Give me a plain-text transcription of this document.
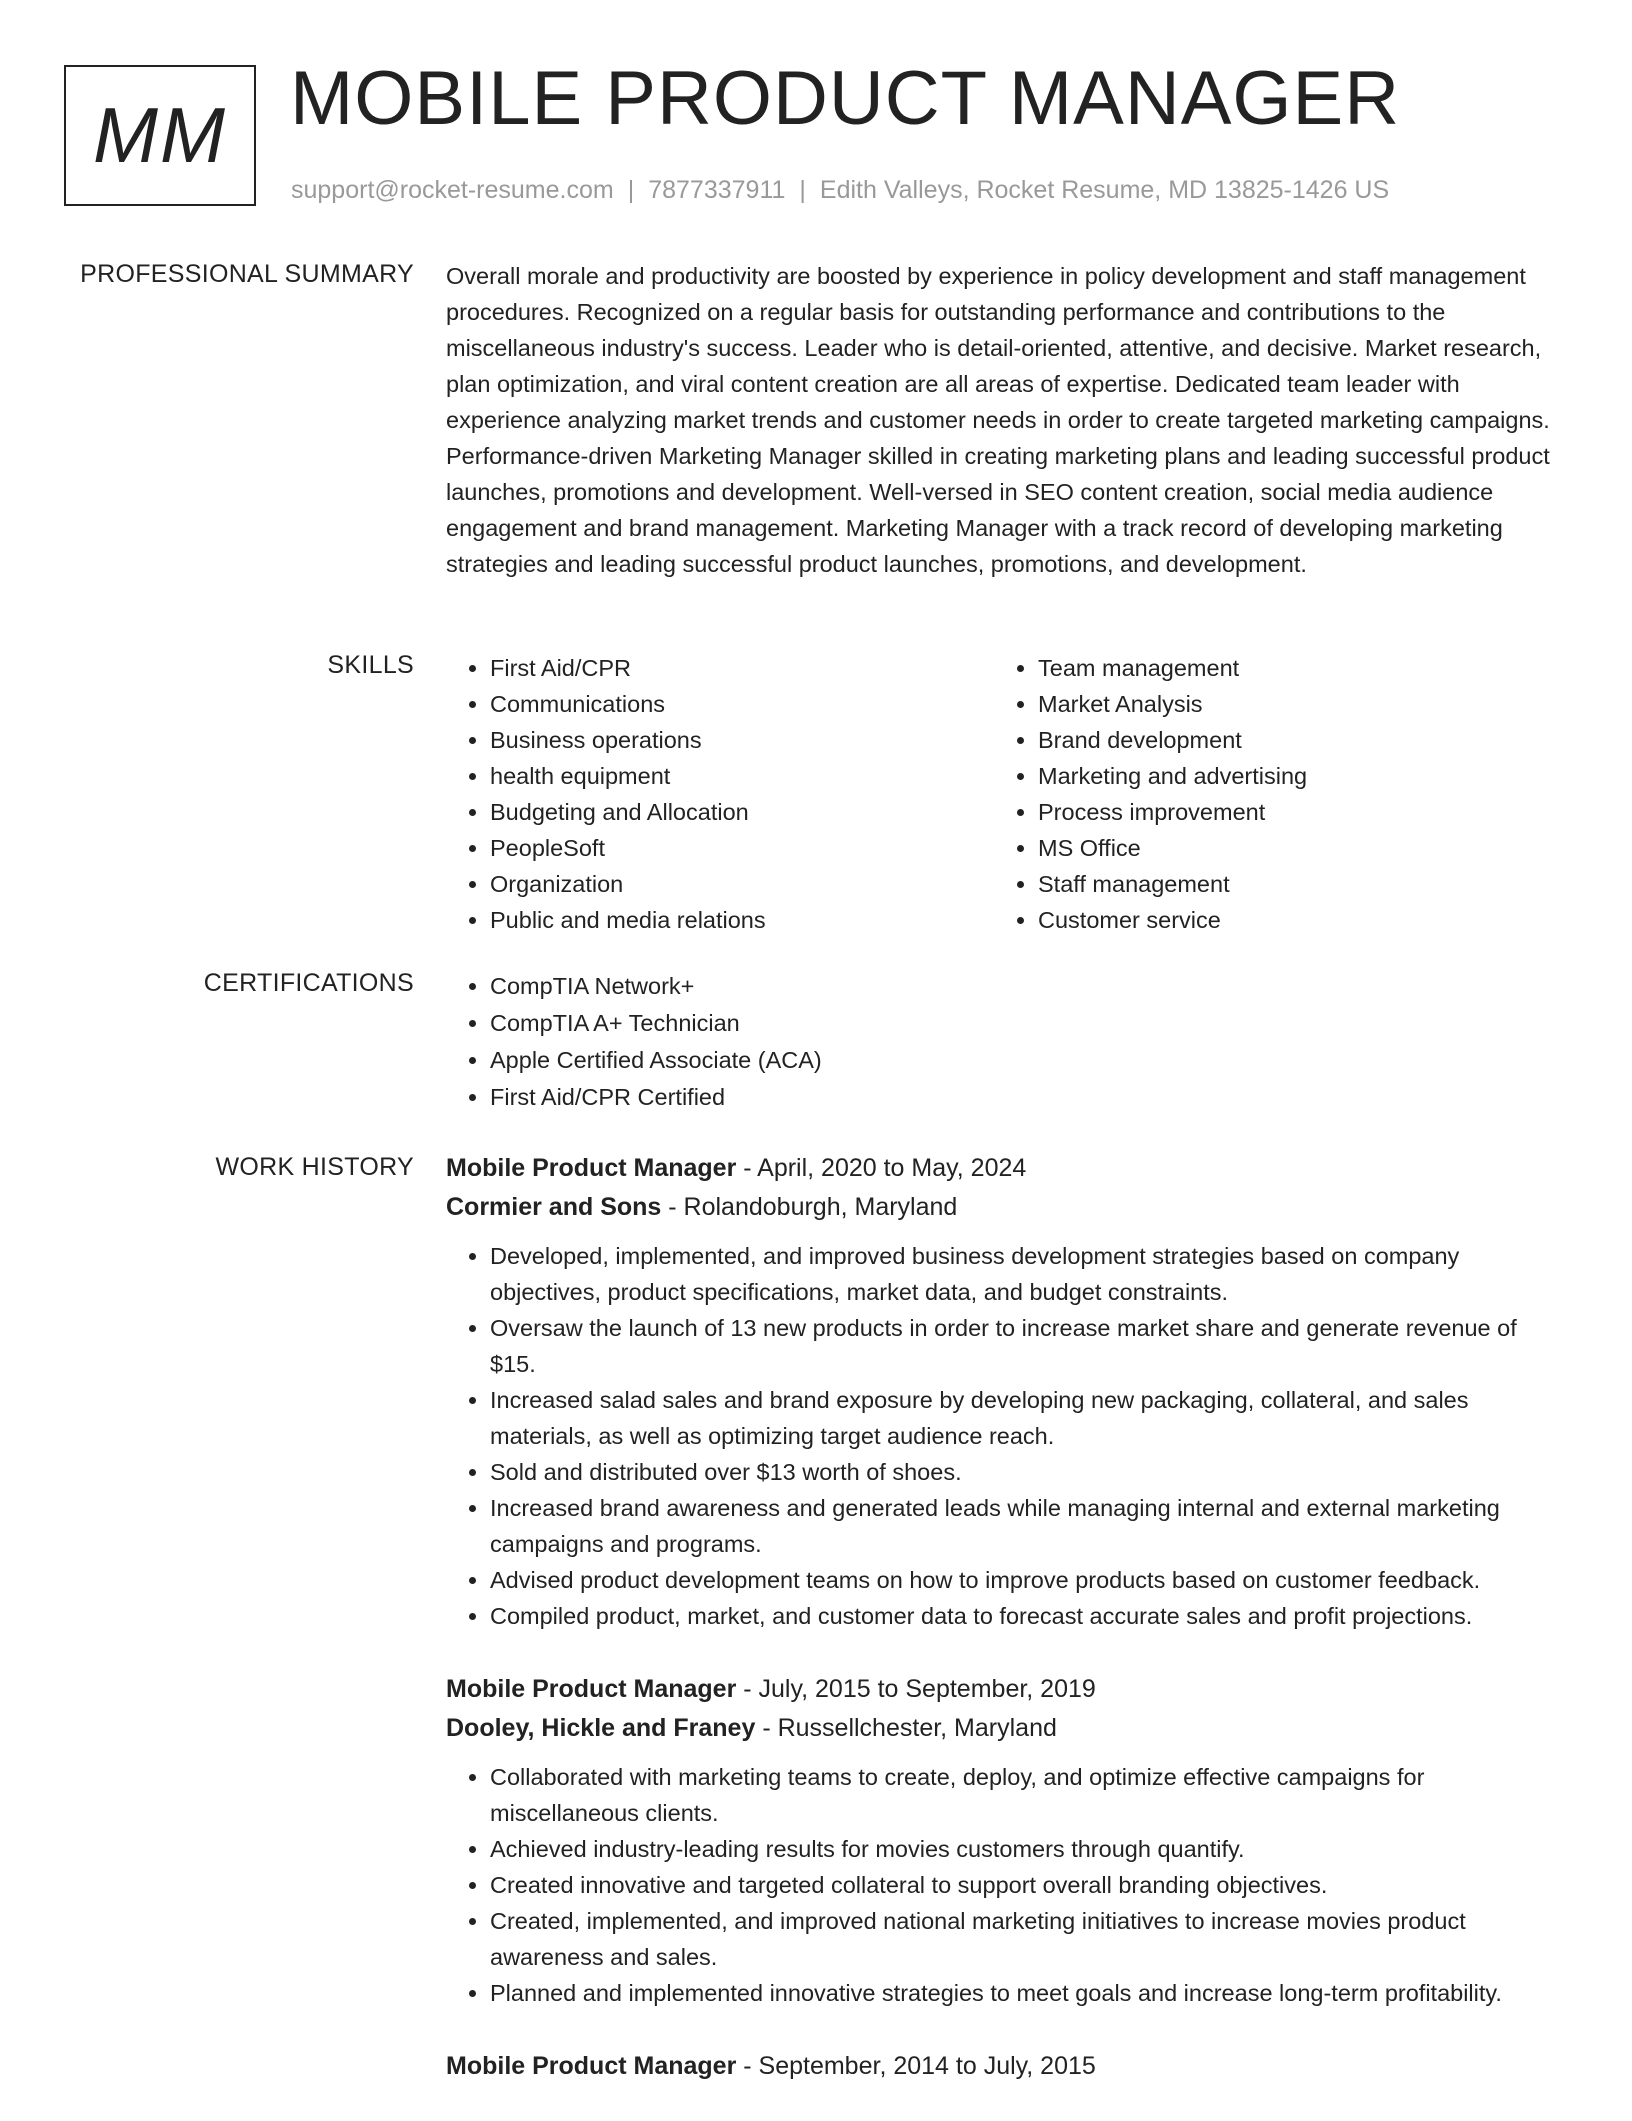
MM MOBILE PRODUCT MANAGER
support@rocket-resume.com | 7877337911 | Edith Valleys, Rocket Resume, MD 13825-1426 US
PROFESSIONAL SUMMARY Overall morale and productivity are boosted by experience in policy development and staff management procedures. Recognized on a regular basis for outstanding performance and contributions to the miscellaneous industry's success. Leader who is detail-oriented, attentive, and decisive. Market research, plan optimization, and viral content creation are all areas of expertise. Dedicated team leader with experience analyzing market trends and customer needs in order to create targeted marketing campaigns. Performance-driven Marketing Manager skilled in creating marketing plans and leading successful product launches, promotions and development. Well-versed in SEO content creation, social media audience engagement and brand management. Marketing Manager with a track record of developing marketing strategies and leading successful product launches, promotions, and development.
SKILLS	• First Aid/CPR
• Communications
• Business operations
• health equipment
• Budgeting and Allocation
• PeopleSoft
• Organization
• Public and media relations
• Team management
• Market Analysis
• Brand development
• Marketing and advertising
• Process improvement
• MS Office
• Staff management
• Customer service
CERTIFICATIONS	• CompTIA Network+
• CompTIA A+ Technician
• Apple Certified Associate (ACA)
• First Aid/CPR Certified
WORK HISTORY Mobile Product Manager - April, 2020 to May, 2024
Cormier and Sons - Rolandoburgh, Maryland
• Developed, implemented, and improved business development strategies based on company objectives, product specifications, market data, and budget constraints.
• Oversaw the launch of 13 new products in order to increase market share and generate revenue of $15.
• Increased salad sales and brand exposure by developing new packaging, collateral, and sales materials, as well as optimizing target audience reach.
• Sold and distributed over $13 worth of shoes.
• Increased brand awareness and generated leads while managing internal and external marketing campaigns and programs.
• Advised product development teams on how to improve products based on customer feedback.
• Compiled product, market, and customer data to forecast accurate sales and profit projections.
Mobile Product Manager - July, 2015 to September, 2019
Dooley, Hickle and Franey - Russellchester, Maryland
• Collaborated with marketing teams to create, deploy, and optimize effective campaigns for miscellaneous clients.
• Achieved industry-leading results for movies customers through quantify.
• Created innovative and targeted collateral to support overall branding objectives.
• Created, implemented, and improved national marketing initiatives to increase movies product awareness and sales.
• Planned and implemented innovative strategies to meet goals and increase long-term profitability.
Mobile Product Manager - September, 2014 to July, 2015
